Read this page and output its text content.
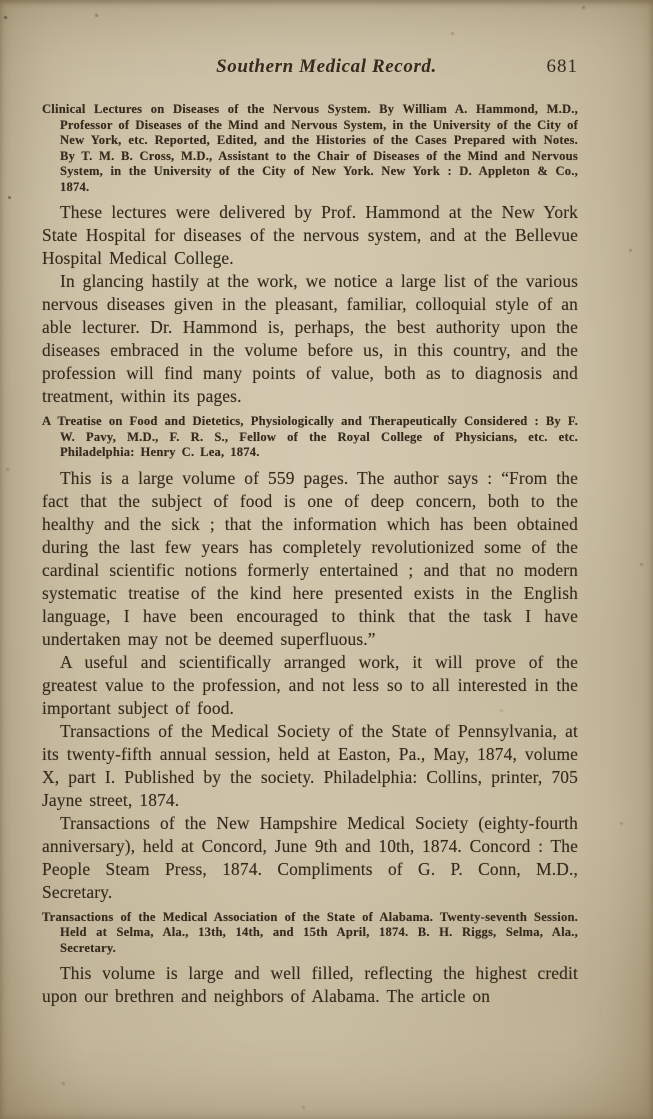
Southern Medical Record.	681

Clinical Lectures on Diseases of the Nervous System. By William A. Hammond, M.D., Professor of Diseases of the Mind and Nervous System, in the University of the City of New York, etc. Reported, Edited, and the Histories of the Cases Prepared with Notes. By T. M. B. Cross, M.D., Assistant to the Chair of Diseases of the Mind and Nervous System, in the University of the City of New York. New York : D. Appleton & Co., 1874.

These lectures were delivered by Prof. Hammond at the New York State Hospital for diseases of the nervous system, and at the Bellevue Hospital Medical College.

In glancing hastily at the work, we notice a large list of the various nervous diseases given in the pleasant, familiar, colloquial style of an able lecturer. Dr. Hammond is, perhaps, the best authority upon the diseases embraced in the volume before us, in this country, and the profession will find many points of value, both as to diagnosis and treatment, within its pages.

A Treatise on Food and Dietetics, Physiologically and Therapeutically Considered : By F. W. Pavy, M.D., F. R. S., Fellow of the Royal College of Physicians, etc. etc. Philadelphia: Henry C. Lea, 1874.

This is a large volume of 559 pages. The author says : “From the fact that the subject of food is one of deep concern, both to the healthy and the sick ; that the information which has been obtained during the last few years has completely revolutionized some of the cardinal scientific notions formerly entertained ; and that no modern systematic treatise of the kind here presented exists in the English language, I have been encouraged to think that the task I have undertaken may not be deemed superfluous.”

A useful and scientifically arranged work, it will prove of the greatest value to the profession, and not less so to all interested in the important subject of food.

Transactions of the Medical Society of the State of Pennsylvania, at its twenty-fifth annual session, held at Easton, Pa., May, 1874, volume X, part I. Published by the society. Philadelphia: Collins, printer, 705 Jayne street, 1874.

Transactions of the New Hampshire Medical Society (eighty-fourth anniversary), held at Concord, June 9th and 10th, 1874. Concord : The People Steam Press, 1874. Compliments of G. P. Conn, M.D., Secretary.

Transactions of the Medical Association of the State of Alabama. Twenty-seventh Session. Held at Selma, Ala., 13th, 14th, and 15th April, 1874. B. H. Riggs, Selma, Ala., Secretary.

This volume is large and well filled, reflecting the highest credit upon our brethren and neighbors of Alabama. The article on
